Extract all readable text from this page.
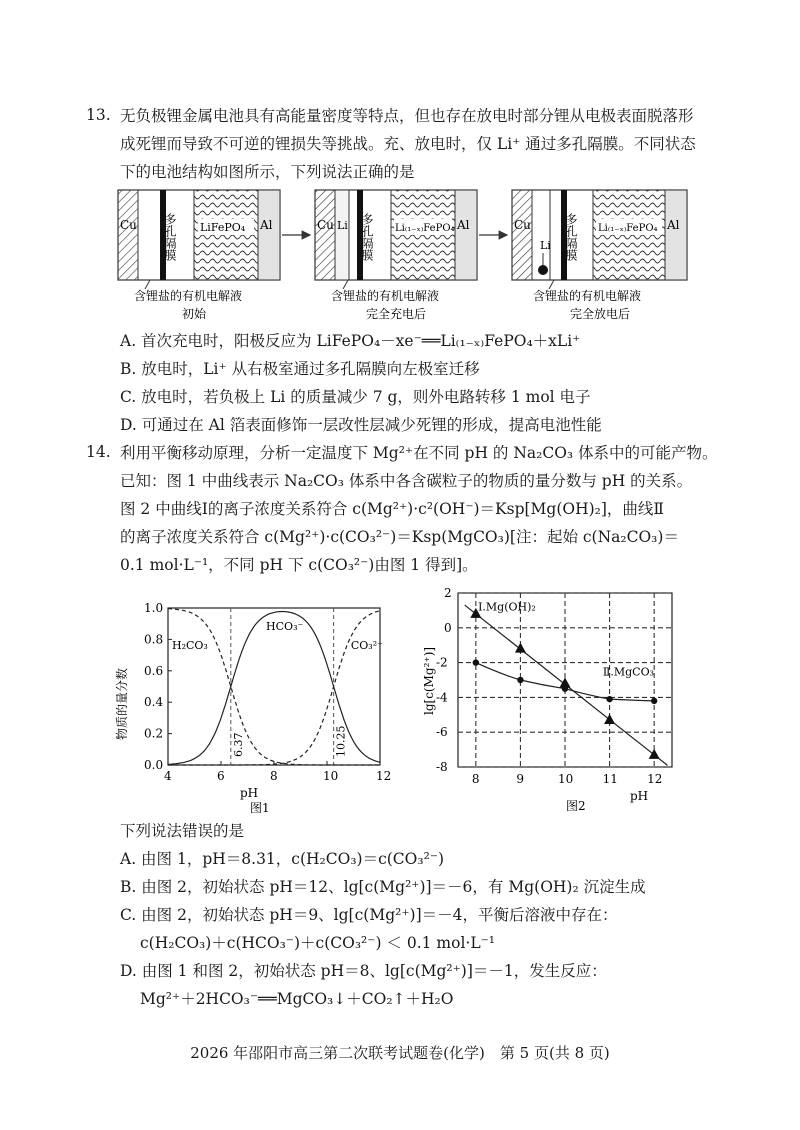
13. 无负极锂金属电池具有高能量密度等特点，但也存在放电时部分锂从电极表面脱落形
成死锂而导致不可逆的锂损失等挑战。充、放电时，仅 Li⁺ 通过多孔隔膜。不同状态
下的电池结构如图所示，下列说法正确的是
Cu 多孔隔膜 LiFePO₄ Al
含锂盐的有机电解液
初始
Cu Li 多孔隔膜 Li₍₁₋ₓ₎FePO₄ Al
含锂盐的有机电解液
完全充电后
Cu
Li 多孔隔膜 Li₍₁₋ₓ₎FePO₄ Al
含锂盐的有机电解液
完全放电后
A. 首次充电时，阳极反应为 LiFePO₄－xe⁻══Li₍₁₋ₓ₎FePO₄＋xLi⁺
B. 放电时，Li⁺ 从右极室通过多孔隔膜向左极室迁移
C. 放电时，若负极上 Li 的质量减少 7 g，则外电路转移 1 mol 电子
D. 可通过在 Al 箔表面修饰一层改性层减少死锂的形成，提高电池性能
14. 利用平衡移动原理，分析一定温度下 Mg²⁺在不同 pH 的 Na₂CO₃ 体系中的可能产物。
已知：图 1 中曲线表示 Na₂CO₃ 体系中各含碳粒子的物质的量分数与 pH 的关系。
图 2 中曲线Ⅰ的离子浓度关系符合 c(Mg²⁺)·c²(OH⁻)＝Ksp[Mg(OH)₂]，曲线Ⅱ
的离子浓度关系符合 c(Mg²⁺)·c(CO₃²⁻)＝Ksp(MgCO₃)[注：起始 c(Na₂CO₃)＝
0.1 mol·L⁻¹，不同 pH 下 c(CO₃²⁻)由图 1 得到]。
4	6	8	10	12
0.0
0.2
0.4
0.6
0.8
1.0
6.37	10.25
H₂CO₃
HCO₃⁻
CO₃²⁻
pH
图1
物质的量分数
8	9	10 11 12
2
0
-2
-4
-6
-8
Ⅰ.Mg(OH)₂
Ⅱ.MgCO₃
pH
图2
lg[c(Mg²⁺)]
下列说法错误的是
A. 由图 1，pH＝8.31，c(H₂CO₃)＝c(CO₃²⁻)
B. 由图 2，初始状态 pH＝12、lg[c(Mg²⁺)]＝－6，有 Mg(OH)₂ 沉淀生成
C. 由图 2，初始状态 pH＝9、lg[c(Mg²⁺)]＝－4，平衡后溶液中存在：
c(H₂CO₃)＋c(HCO₃⁻)＋c(CO₃²⁻) ＜ 0.1 mol·L⁻¹
D. 由图 1 和图 2，初始状态 pH＝8、lg[c(Mg²⁺)]＝－1，发生反应：
Mg²⁺＋2HCO₃⁻══MgCO₃↓＋CO₂↑＋H₂O
2026 年邵阳市高三第二次联考试题卷(化学)　第 5 页(共 8 页)
